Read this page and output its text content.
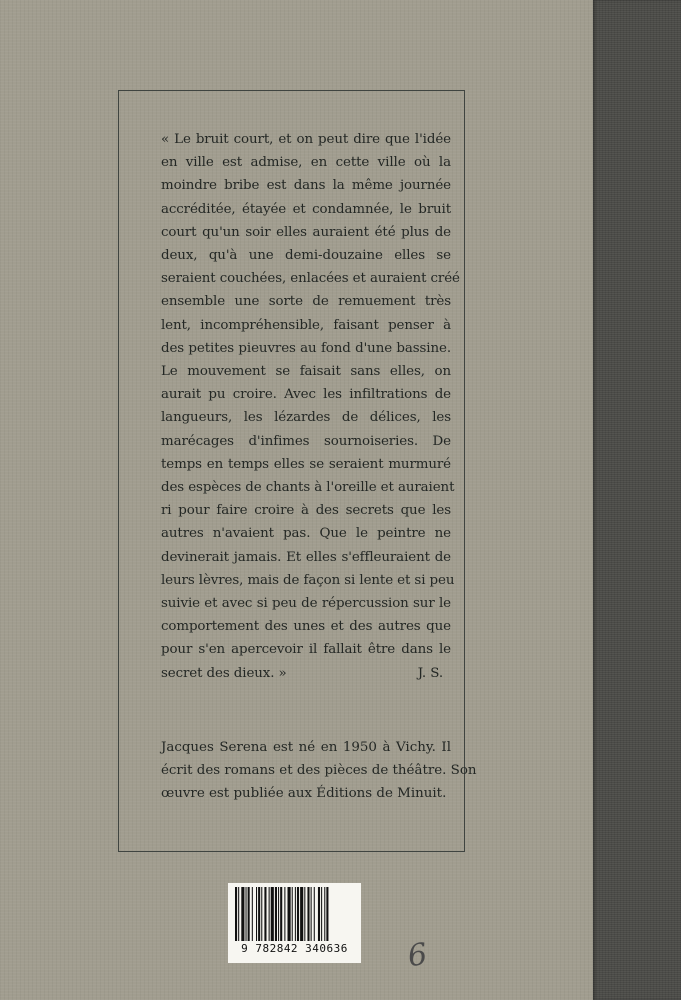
« Le bruit court, et on peut dire que l'idée
en ville est admise, en cette ville où la
moindre bribe est dans la même journée
accréditée, étayée et condamnée, le bruit
court qu'un soir elles auraient été plus de
deux, qu'à une demi-douzaine elles se
seraient couchées, enlacées et auraient créé
ensemble une sorte de remuement très
lent, incompréhensible, faisant penser à
des petites pieuvres au fond d'une bassine.
Le mouvement se faisait sans elles, on
aurait pu croire. Avec les infiltrations de
langueurs, les lézardes de délices, les
marécages d'infimes sournoiseries. De
temps en temps elles se seraient murmuré
des espèces de chants à l'oreille et auraient
ri pour faire croire à des secrets que les
autres n'avaient pas. Que le peintre ne
devinerait jamais. Et elles s'effleuraient de
leurs lèvres, mais de façon si lente et si peu
suivie et avec si peu de répercussion sur le
comportement des unes et des autres que
pour s'en apercevoir il fallait être dans le
secret des dieux. »	J. S.
Jacques Serena est né en 1950 à Vichy. Il
écrit des romans et des pièces de théâtre. Son
œuvre est publiée aux Éditions de Minuit.
9 782842 340636	6
